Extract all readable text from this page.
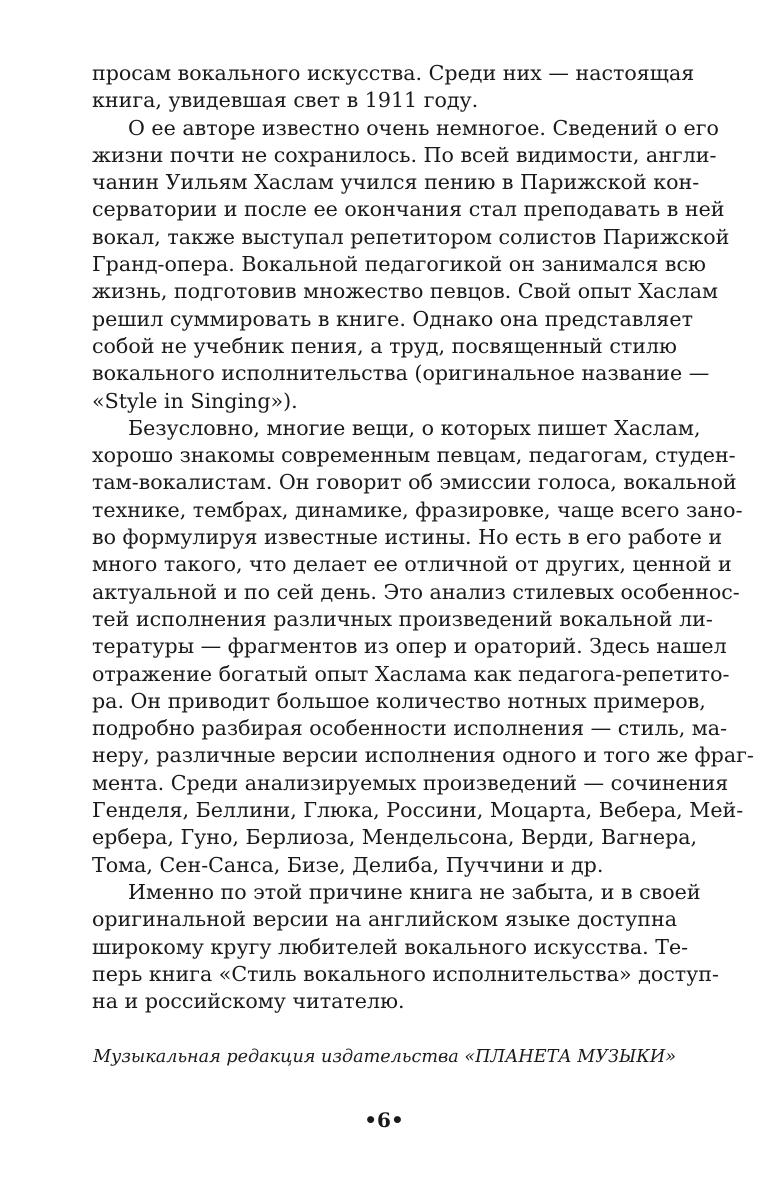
просам вокального искусства. Среди них — настоящая
книга, увидевшая свет в 1911 году.
О ее авторе известно очень немногое. Сведений о его
жизни почти не сохранилось. По всей видимости, англи-
чанин Уильям Хаслам учился пению в Парижской кон-
серватории и после ее окончания стал преподавать в ней
вокал, также выступал репетитором солистов Парижской
Гранд-опера. Вокальной педагогикой он занимался всю
жизнь, подготовив множество певцов. Свой опыт Хаслам
решил суммировать в книге. Однако она представляет
собой не учебник пения, а труд, посвященный стилю
вокального исполнительства (оригинальное название —
«Style in Singing»).
Безусловно, многие вещи, о которых пишет Хаслам,
хорошо знакомы современным певцам, педагогам, студен-
там-вокалистам. Он говорит об эмиссии голоса, вокальной
технике, тембрах, динамике, фразировке, чаще всего зано-
во формулируя известные истины. Но есть в его работе и
много такого, что делает ее отличной от других, ценной и
актуальной и по сей день. Это анализ стилевых особеннос-
тей исполнения различных произведений вокальной ли-
тературы — фрагментов из опер и ораторий. Здесь нашел
отражение богатый опыт Хаслама как педагога-репетито-
ра. Он приводит большое количество нотных примеров,
подробно разбирая особенности исполнения — стиль, ма-
неру, различные версии исполнения одного и того же фраг-
мента. Среди анализируемых произведений — сочинения
Генделя, Беллини, Глюка, Россини, Моцарта, Вебера, Мей-
ербера, Гуно, Берлиоза, Мендельсона, Верди, Вагнера,
Тома, Сен-Санса, Бизе, Делиба, Пуччини и др.
Именно по этой причине книга не забыта, и в своей
оригинальной версии на английском языке доступна
широкому кругу любителей вокального искусства. Те-
перь книга «Стиль вокального исполнительства» доступ-
на и российскому читателю.
Музыкальная редакция издательства «ПЛАНЕТА МУЗЫКИ»
•6•
